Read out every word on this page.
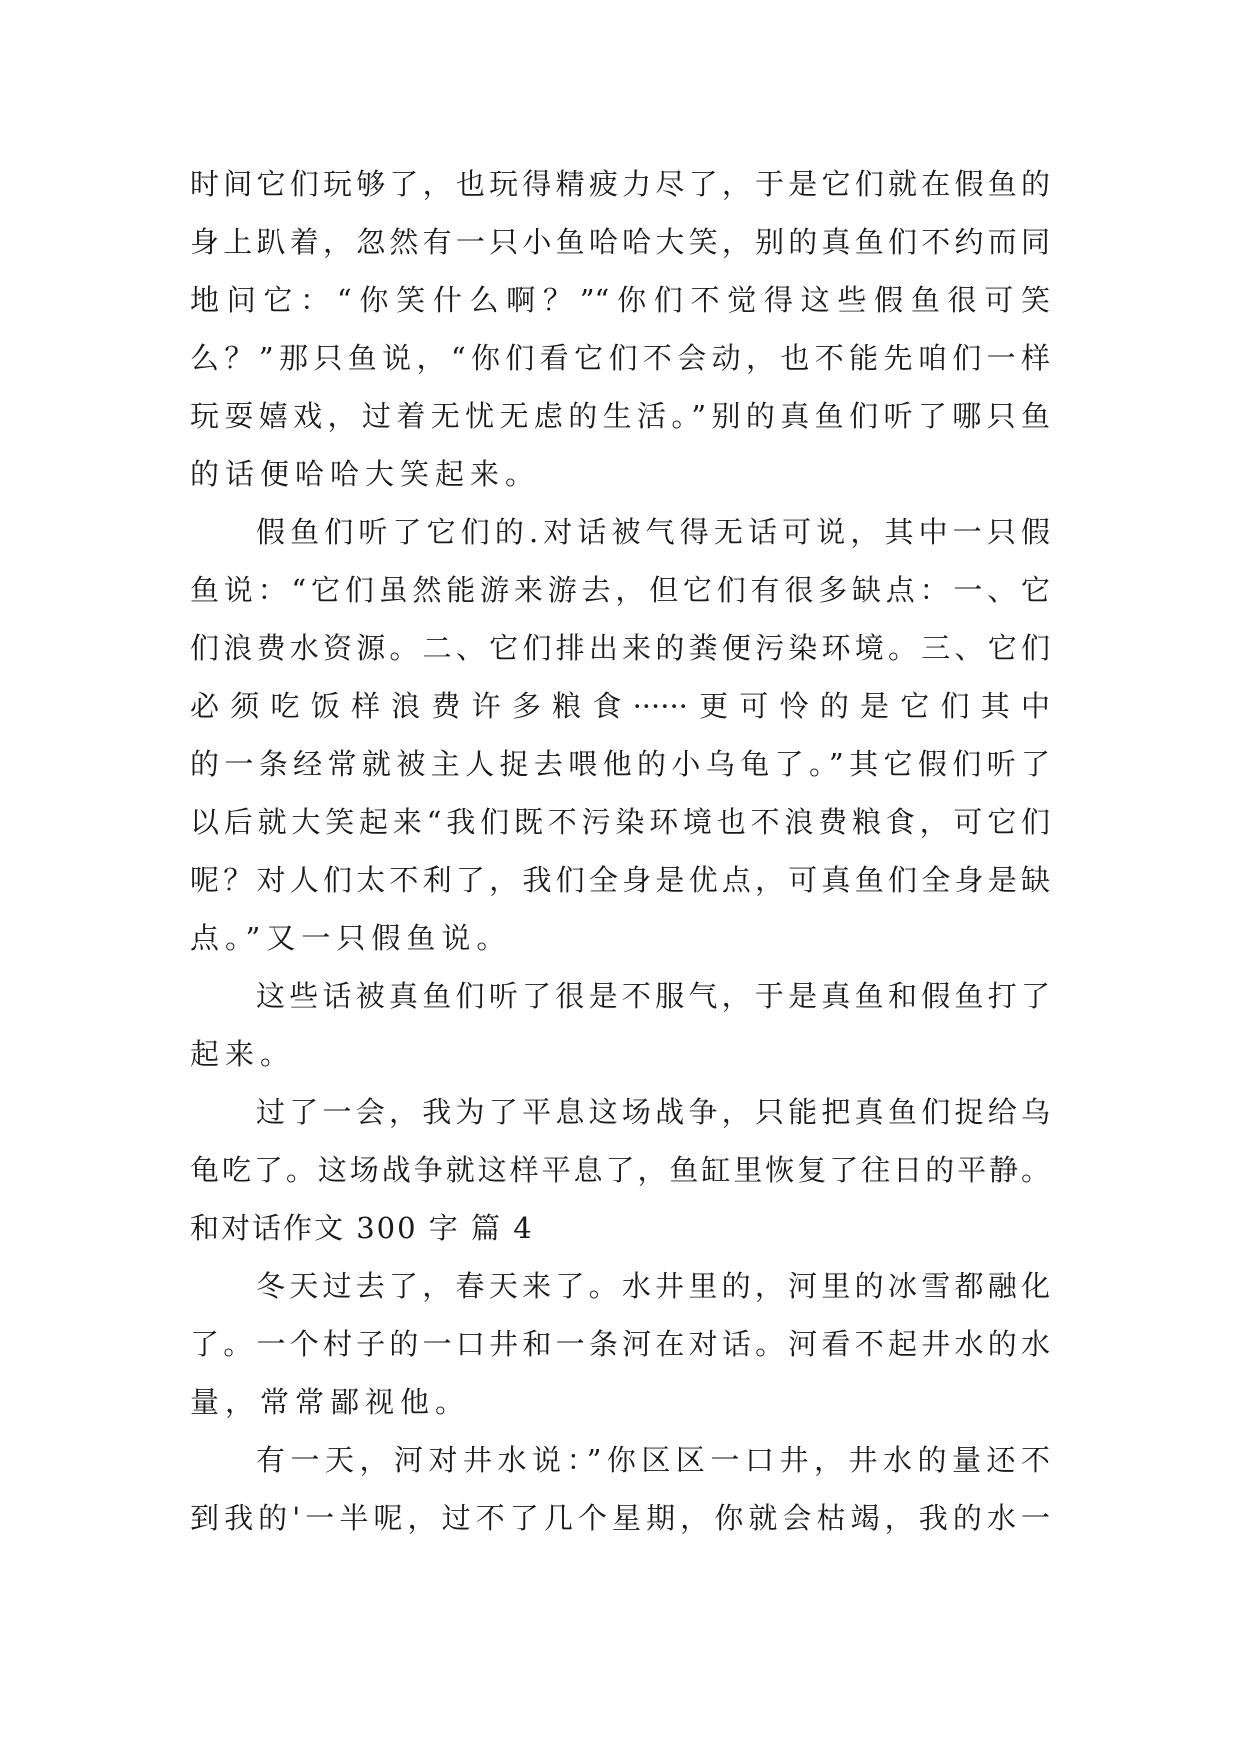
时间它们玩够了，也玩得精疲力尽了，于是它们就在假鱼的
身上趴着，忽然有一只小鱼哈哈大笑，别的真鱼们不约而同
地问它：“你笑什么啊？”“你们不觉得这些假鱼很可笑
么？”那只鱼说，“你们看它们不会动，也不能先咱们一样
玩耍嬉戏，过着无忧无虑的生活。”别的真鱼们听了哪只鱼
的话便哈哈大笑起来。
假鱼们听了它们的.对话被气得无话可说，其中一只假
鱼说：“它们虽然能游来游去，但它们有很多缺点：一、它
们浪费水资源。二、它们排出来的粪便污染环境。三、它们
必须吃饭样浪费许多粮食······更可怜的是它们其中
的一条经常就被主人捉去喂他的小乌龟了。”其它假们听了
以后就大笑起来“我们既不污染环境也不浪费粮食，可它们
呢？对人们太不利了，我们全身是优点，可真鱼们全身是缺
点。”又一只假鱼说。
这些话被真鱼们听了很是不服气，于是真鱼和假鱼打了
起来。
过了一会，我为了平息这场战争，只能把真鱼们捉给乌
龟吃了。这场战争就这样平息了，鱼缸里恢复了往日的平静。
和对话作文 300 字 篇 4
冬天过去了，春天来了。水井里的，河里的冰雪都融化
了。一个村子的一口井和一条河在对话。河看不起井水的水
量，常常鄙视他。
有一天，河对井水说：”你区区一口井，井水的量还不
到我的'一半呢，过不了几个星期，你就会枯竭，我的水一
